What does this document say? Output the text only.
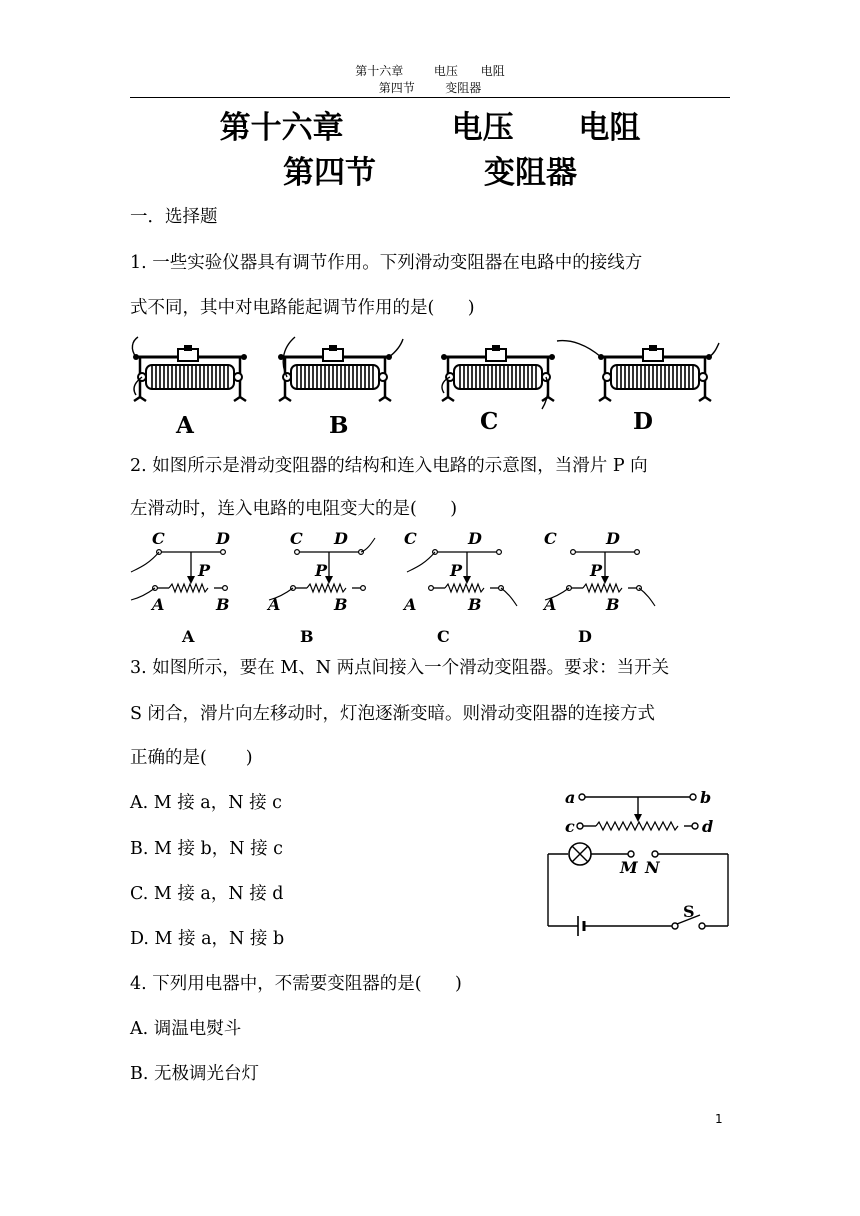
第十六章        电压      电阻
第四节        变阻器
第十六章          电压      电阻
第四节          变阻器
一．选择题
1. 一些实验仪器具有调节作用。下列滑动变阻器在电路中的接线方
式不同，其中对电路能起调节作用的是(      )
A	B	C	D
2. 如图所示是滑动变阻器的结构和连入电路的示意图，当滑片 P 向
左滑动时，连入电路的电阻变大的是(      )
C	D
P
A	B
C D
P
A	B
C	D
P
A	B
C	D
P
A	B
A	B	C	D
3. 如图所示，要在 M、N 两点间接入一个滑动变阻器。要求：当开关
S 闭合，滑片向左移动时，灯泡逐渐变暗。则滑动变阻器的连接方式
正确的是(       )
A. M 接 a，N 接 c
B. M 接 b，N 接 c
C. M 接 a，N 接 d
D. M 接 a，N 接 b
a	b
c	d
M N
S
4. 下列用电器中，不需要变阻器的是(      )
A. 调温电熨斗
B. 无极调光台灯
1
